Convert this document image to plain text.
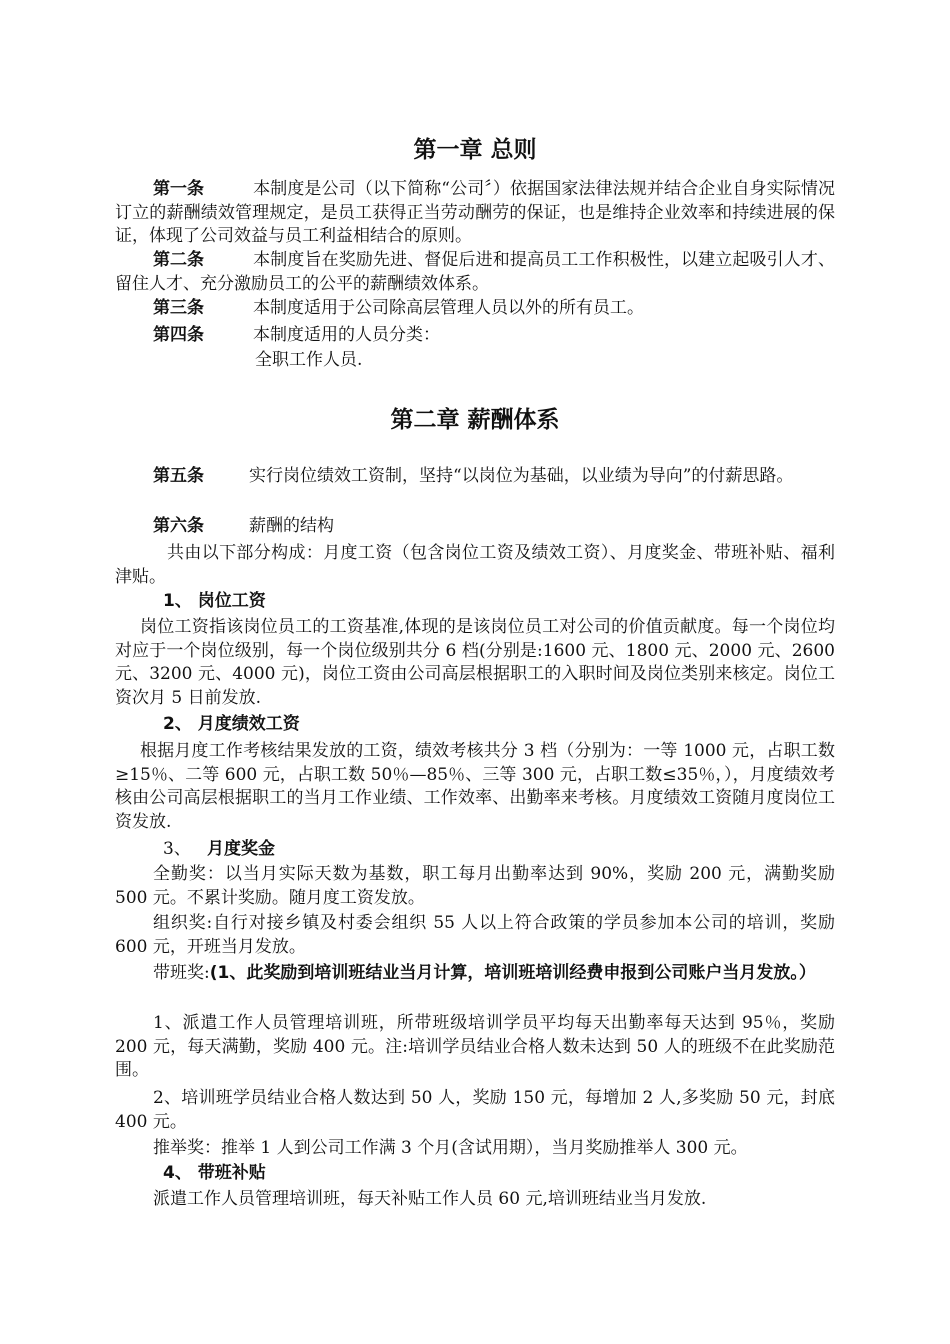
第一章 总则

第一条	本制度是公司（以下简称“公司〞）依据国家法律法规并结合企业自身实际情况订立的薪酬绩效管理规定，是员工获得正当劳动酬劳的保证，也是维持企业效率和持续进展的保证，体现了公司效益与员工利益相结合的原则。

第二条	本制度旨在奖励先进、督促后进和提高员工工作积极性，以建立起吸引人才、留住人才、充分激励员工的公平的薪酬绩效体系。

第三条	本制度适用于公司除高层管理人员以外的所有员工。

第四条	本制度适用的人员分类：

全职工作人员.

第二章 薪酬体系

第五条	实行岗位绩效工资制，坚持“以岗位为基础，以业绩为导向”的付薪思路。

第六条	薪酬的结构

共由以下部分构成：月度工资（包含岗位工资及绩效工资）、月度奖金、带班补贴、福利津贴。

1、 岗位工资

岗位工资指该岗位员工的工资基准,体现的是该岗位员工对公司的价值贡献度。每一个岗位均对应于一个岗位级别，每一个岗位级别共分 6 档(分别是:1600 元、1800 元、2000 元、2600 元、3200 元、4000 元)，岗位工资由公司高层根据职工的入职时间及岗位类别来核定。岗位工资次月 5 日前发放.

2、 月度绩效工资

根据月度工作考核结果发放的工资，绩效考核共分 3 档（分别为：一等 1000 元，占职工数≥15％、二等 600 元，占职工数 50％—85％、三等 300 元，占职工数≤35％，），月度绩效考核由公司高层根据职工的当月工作业绩、工作效率、出勤率来考核。月度绩效工资随月度岗位工资发放.

3、 月度奖金

全勤奖：以当月实际天数为基数，职工每月出勤率达到 90%，奖励 200 元，满勤奖励 500 元。不累计奖励。随月度工资发放。

组织奖:自行对接乡镇及村委会组织 55 人以上符合政策的学员参加本公司的培训，奖励 600 元，开班当月发放。

带班奖:(1、此奖励到培训班结业当月计算，培训班培训经费申报到公司账户当月发放。）

1、派遣工作人员管理培训班，所带班级培训学员平均每天出勤率每天达到 95％，奖励 200 元，每天满勤，奖励 400 元。注:培训学员结业合格人数未达到 50 人的班级不在此奖励范围。

2、培训班学员结业合格人数达到 50 人，奖励 150 元，每增加 2 人,多奖励 50 元，封底 400 元。

推举奖：推举 1 人到公司工作满 3 个月(含试用期），当月奖励推举人 300 元。

4、 带班补贴

派遣工作人员管理培训班，每天补贴工作人员 60 元,培训班结业当月发放.
